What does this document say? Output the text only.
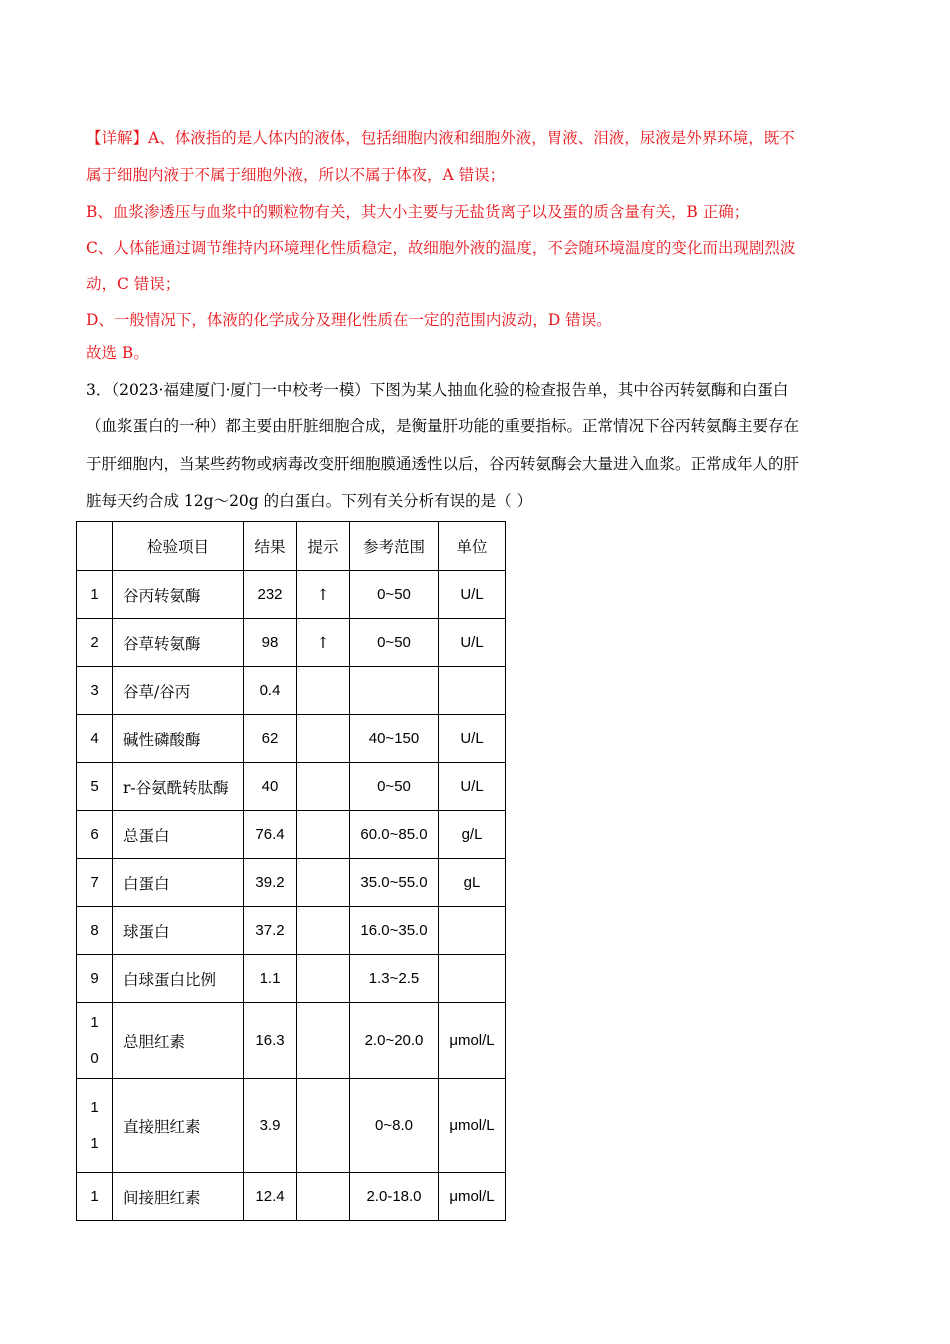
【详解】A、体液指的是人体内的液体，包括细胞内液和细胞外液，胃液、泪液，尿液是外界环境，既不
属于细胞内液于不属于细胞外液，所以不属于体夜，A 错误；
B、血浆渗透压与血浆中的颗粒物有关，其大小主要与无盐货离子以及蛋的质含量有关，B 正确；
C、人体能通过调节维持内环境理化性质稳定，故细胞外液的温度，不会随环境温度的变化而出现剧烈波
动，C 错误；
D、一般情况下，体液的化学成分及理化性质在一定的范围内波动，D 错误。
故选 B。
3．（2023·福建厦门·厦门一中校考一模）下图为某人抽血化验的检查报告单，其中谷丙转氨酶和白蛋白
（血浆蛋白的一种）都主要由肝脏细胞合成，是衡量肝功能的重要指标。正常情况下谷丙转氨酶主要存在
于肝细胞内，当某些药物或病毒改变肝细胞膜通透性以后，谷丙转氨酶会大量进入血浆。正常成年人的肝
脏每天约合成 12g～20g 的白蛋白。下列有关分析有误的是（ ）
	检验项目	结果	提示	参考范围	单位
1	谷丙转氨酶	232	↑	0~50	U/L
2	谷草转氨酶	98	↑	0~50	U/L
3	谷草/谷丙	0.4			
4	碱性磷酸酶	62		40~150	U/L
5	r-谷氨酰转肽酶	40		0~50	U/L
6	总蛋白	76.4		60.0~85.0	g/L
7	白蛋白	39.2		35.0~55.0	gL
8	球蛋白	37.2		16.0~35.0	
9	白球蛋白比例	1.1		1.3~2.5	
10	总胆红素	16.3		2.0~20.0	μmol/L
11	直接胆红素	3.9		0~8.0	μmol/L
1	间接胆红素	12.4		2.0-18.0	μmol/L
